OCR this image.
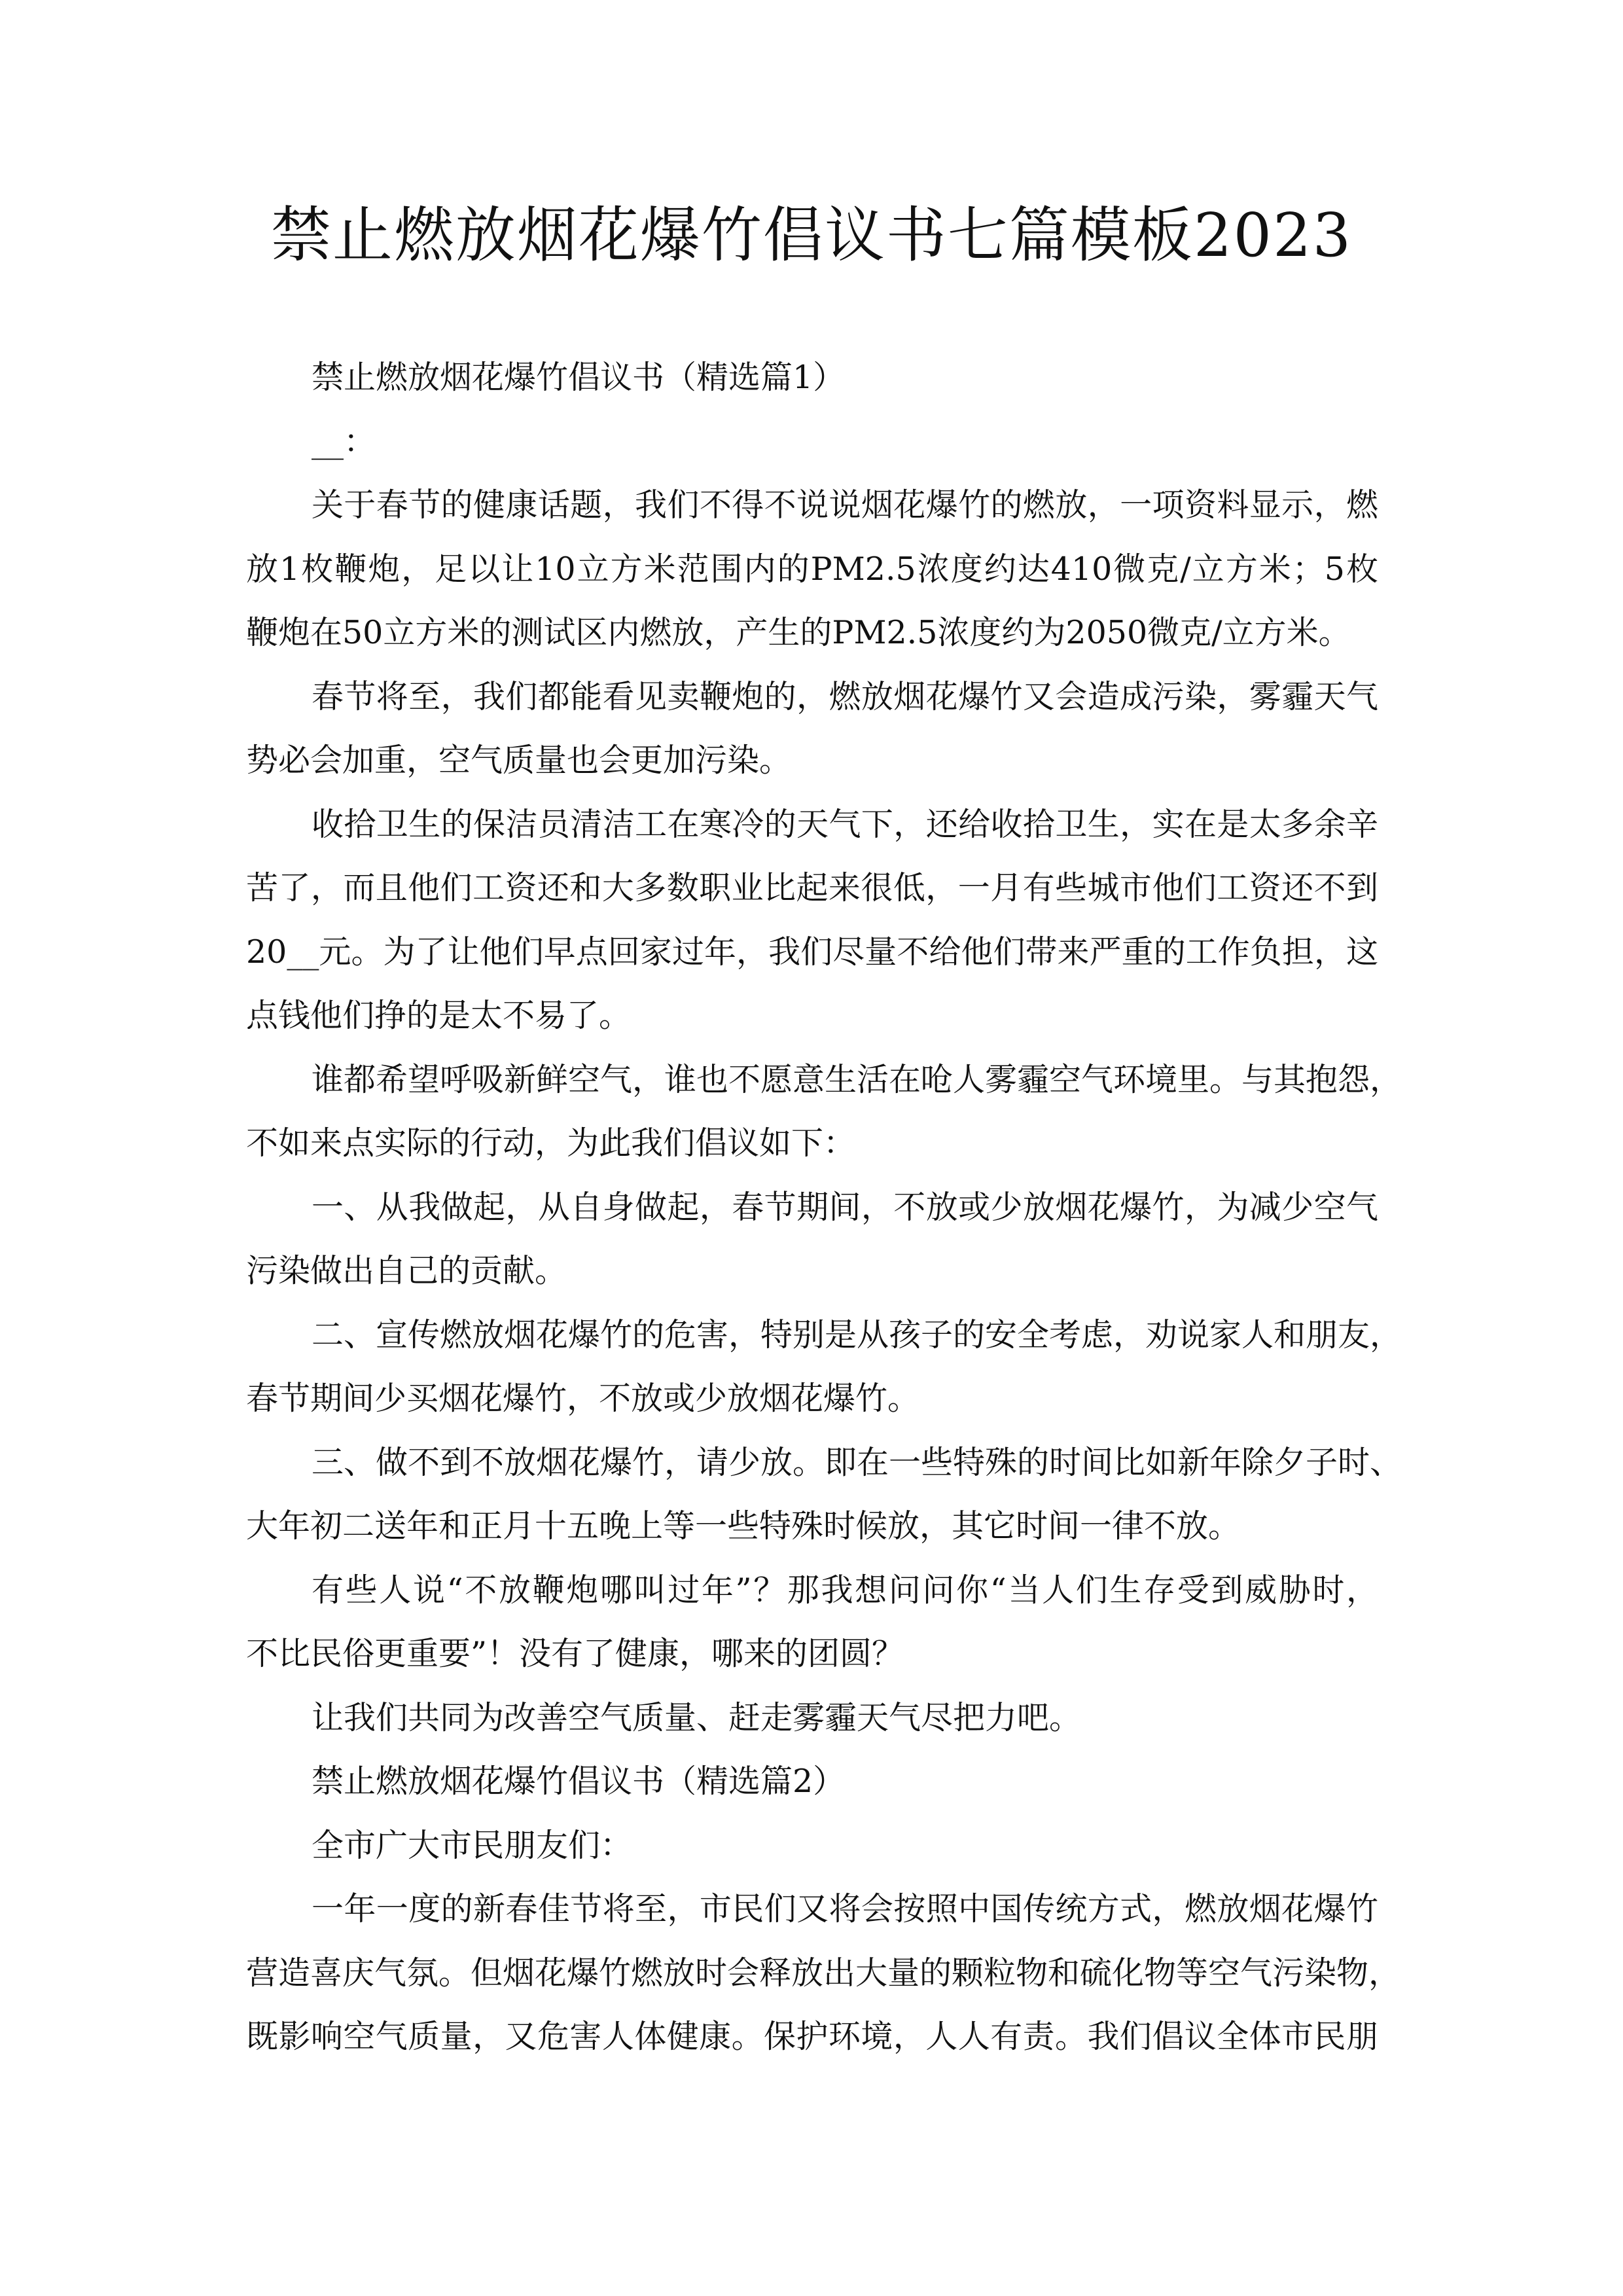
禁止燃放烟花爆竹倡议书七篇模板2023
禁止燃放烟花爆竹倡议书（精选篇1）
__：
关于春节的健康话题，我们不得不说说烟花爆竹的燃放，一项资料显示，燃
放1枚鞭炮，足以让10立方米范围内的PM2.5浓度约达410微克/立方米；5枚
鞭炮在50立方米的测试区内燃放，产生的PM2.5浓度约为2050微克/立方米。
春节将至，我们都能看见卖鞭炮的，燃放烟花爆竹又会造成污染，雾霾天气
势必会加重，空气质量也会更加污染。
收拾卫生的保洁员清洁工在寒冷的天气下，还给收拾卫生，实在是太多余辛
苦了，而且他们工资还和大多数职业比起来很低，一月有些城市他们工资还不到
20__元。为了让他们早点回家过年，我们尽量不给他们带来严重的工作负担，这
点钱他们挣的是太不易了。
谁都希望呼吸新鲜空气，谁也不愿意生活在呛人雾霾空气环境里。与其抱怨，
不如来点实际的行动，为此我们倡议如下：
一、从我做起，从自身做起，春节期间，不放或少放烟花爆竹，为减少空气
污染做出自己的贡献。
二、宣传燃放烟花爆竹的危害，特别是从孩子的安全考虑，劝说家人和朋友，
春节期间少买烟花爆竹，不放或少放烟花爆竹。
三、做不到不放烟花爆竹，请少放。即在一些特殊的时间比如新年除夕子时、
大年初二送年和正月十五晚上等一些特殊时候放，其它时间一律不放。
有些人说“不放鞭炮哪叫过年”？那我想问问你“当人们生存受到威胁时，
不比民俗更重要”！没有了健康，哪来的团圆？
让我们共同为改善空气质量、赶走雾霾天气尽把力吧。
禁止燃放烟花爆竹倡议书（精选篇2）
全市广大市民朋友们：
一年一度的新春佳节将至，市民们又将会按照中国传统方式，燃放烟花爆竹
营造喜庆气氛。但烟花爆竹燃放时会释放出大量的颗粒物和硫化物等空气污染物，
既影响空气质量，又危害人体健康。保护环境，人人有责。我们倡议全体市民朋
